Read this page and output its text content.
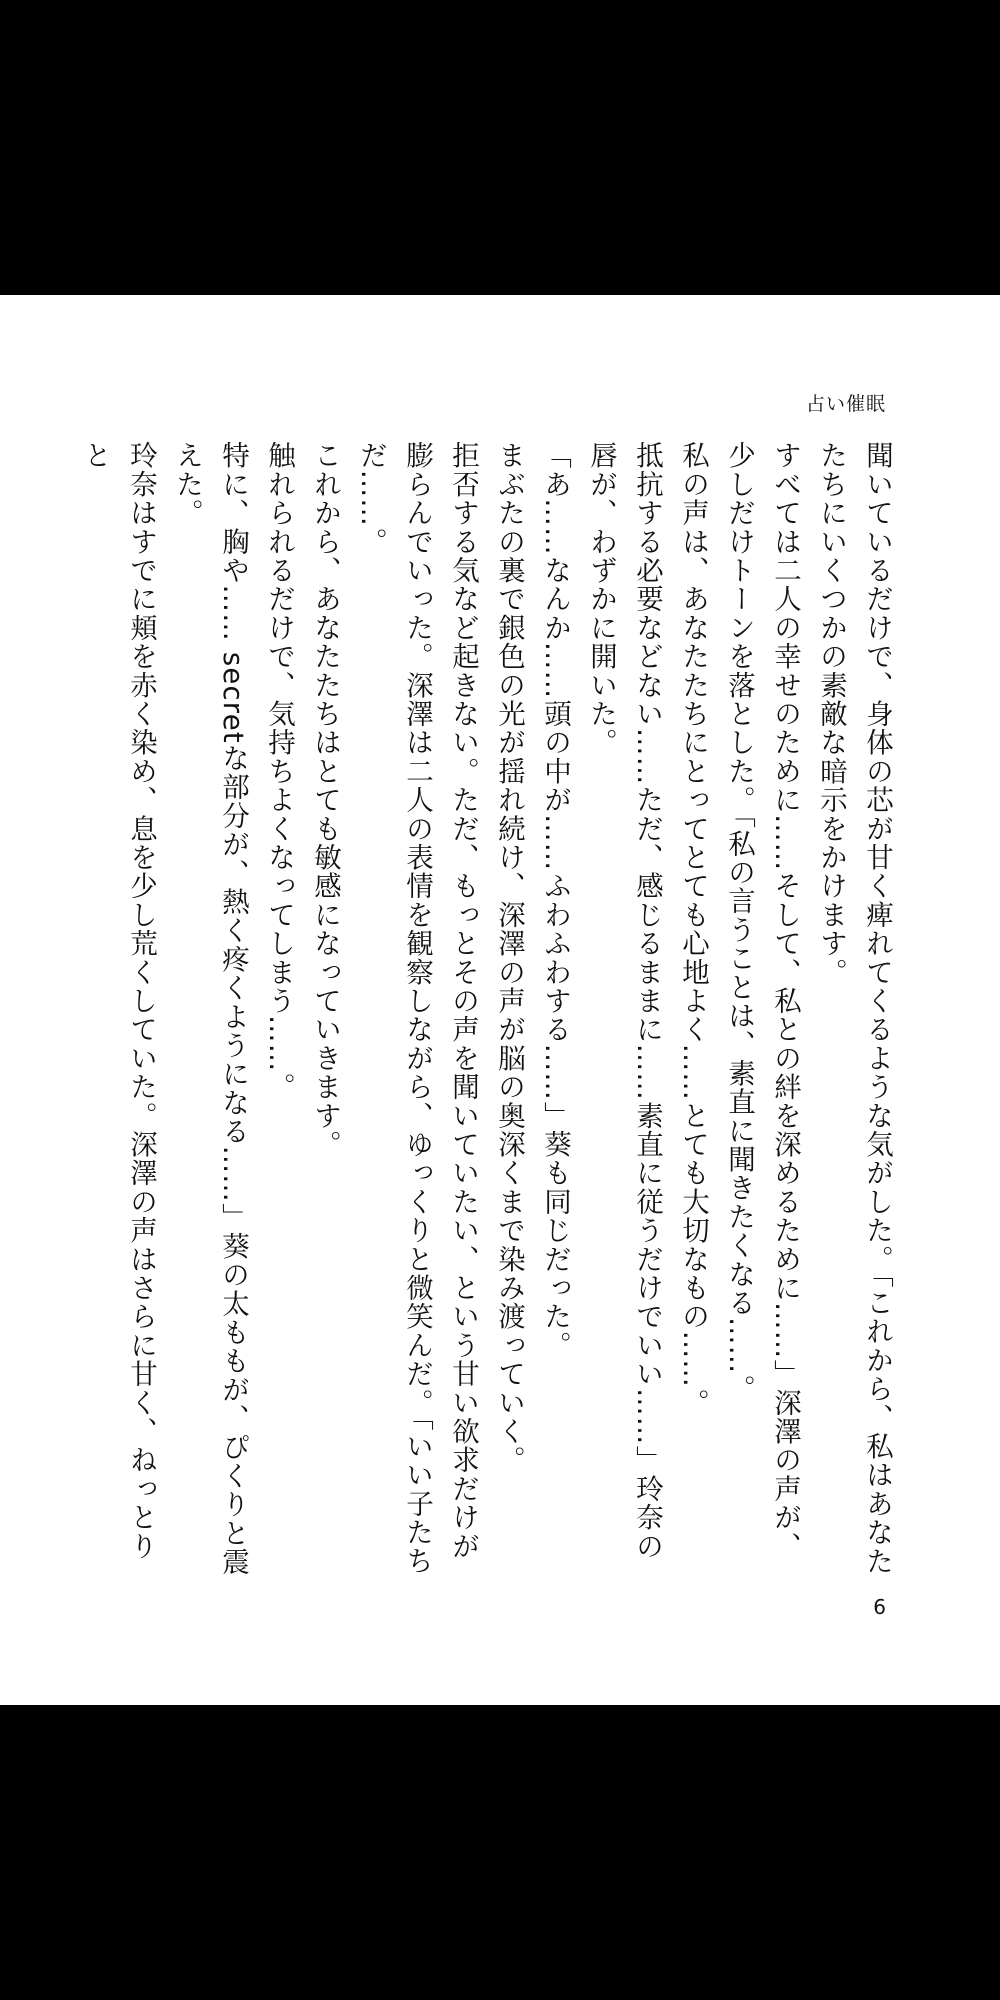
占い催眠

聞いているだけで、身体の芯が甘く痺れてくるような気がした。「これから、私はあなたたちにいくつかの素敵な暗示をかけます。

すべては二人の幸せのために……そして、私との絆を深めるために……」深澤の声が、少しだけトーンを落とした。「私の言うことは、素直に聞きたくなる……。

私の声は、あなたたちにとってとても心地よく……とても大切なもの……。

抵抗する必要などない……ただ、感じるままに……素直に従うだけでいい……」玲奈の唇が、わずかに開いた。

「あ……なんか……頭の中が……ふわふわする……」葵も同じだった。

まぶたの裏で銀色の光が揺れ続け、深澤の声が脳の奥深くまで染み渡っていく。

拒否する気など起きない。ただ、もっとその声を聞いていたい、という甘い欲求だけが膨らんでいった。深澤は二人の表情を観察しながら、ゆっくりと微笑んだ。「いい子たちだ……。

これから、あなたたちはとても敏感になっていきます。

触れられるだけで、気持ちよくなってしまう……。

特に、胸や…… secretな部分が、熱く疼くようになる……」葵の太ももが、ぴくりと震えた。

玲奈はすでに頬を赤く染め、息を少し荒くしていた。深澤の声はさらに甘く、ねっとりと

6
